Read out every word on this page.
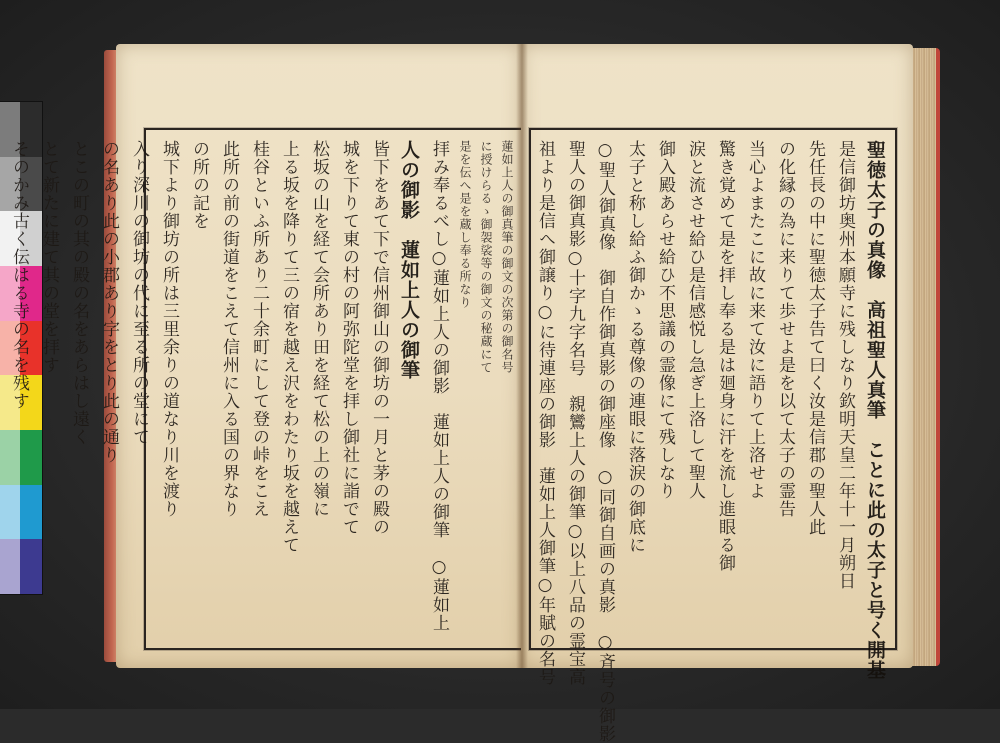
蓮如上人の御真筆の御文の次第の御名号
に授けらるゝ御袈裟等の御文の秘蔵にて
是を伝へ是を蔵し奉る所なり
拝み奉るべし○蓮如上人の御影　蓮如上人の御筆　○蓮如上
人の御影　蓮如上人の御筆
皆下をあて下で信州御山の御坊の一月と茅の殿の
城を下りて東の村の阿弥陀堂を拝し御社に詣でて
松坂の山を経て会所あり田を経て松の上の嶺に
上る坂を降りて三の宿を越え沢をわたり坂を越えて
桂谷といふ所あり二十余町にして登の峠をこえ
此所の前の街道をこえて信州に入る国の界なり
の所の記を
城下より御坊の所は三里余りの道なり川を渡り
入り深川の御坊の代に至る所の堂にて
の名あり此の小郡あり字をとり此の通り
とこの町の其の殿の名をあらはし遠く
とて新たに建て其の堂を拝す
そのかみ古く伝はる寺の名を残す	聖徳太子の真像　高祖聖人真筆　ことに此の太子と号く開基
是信御坊奥州本願寺に残しなり欽明天皇二年十一月朔日
先任長の中に聖徳太子告て曰く汝是信郡の聖人此
の化縁の為に来りて歩せよ是を以て太子の霊告
当心よまたこに故に来て汝に語りて上洛せよ
驚き覚めて是を拝し奉る是は廻身に汗を流し進眼る御
涙と流させ給ひ是信感悦し急ぎ上洛して聖人
御入殿あらせ給ひ不思議の霊像にて残しなり
太子と称し給ふ御かゝる尊像の連眼に落涙の御底に
○聖人御真像　御自作御真影の御座像　○同御自画の真影　○斉号の御影
聖人の御真影○十字九字名号　親鸞上人の御筆○以上八品の霊宝高
祖より是信へ御譲り○に待連座の御影　蓮如上人御筆○年賦の名号
